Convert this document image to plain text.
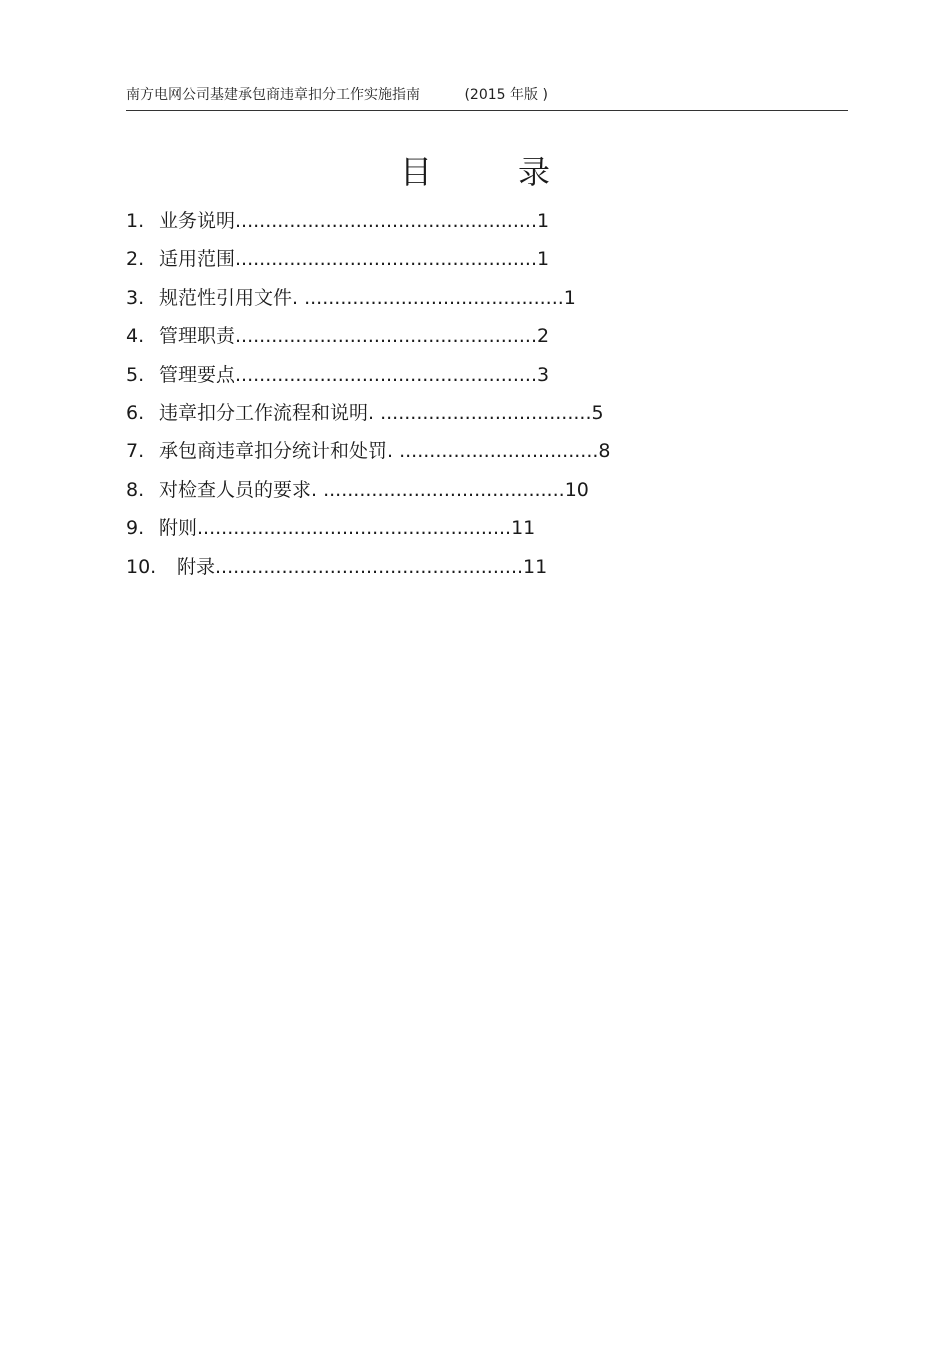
南方电网公司基建承包商违章扣分工作实施指南	(2015 年版 )
目录
1. 业务说明 .................................................. 1
2. 适用范围 .................................................. 1
3. 规范性引用文件 . ........................................... 1
4. 管理职责 .................................................. 2
5. 管理要点 .................................................. 3
6. 违章扣分工作流程和说明 . ................................... 5
7. 承包商违章扣分统计和处罚 . ................................. 8
8. 对检查人员的要求 . ........................................ 10
9. 附则 .................................................... 11
10.	附录 ................................................... 11
